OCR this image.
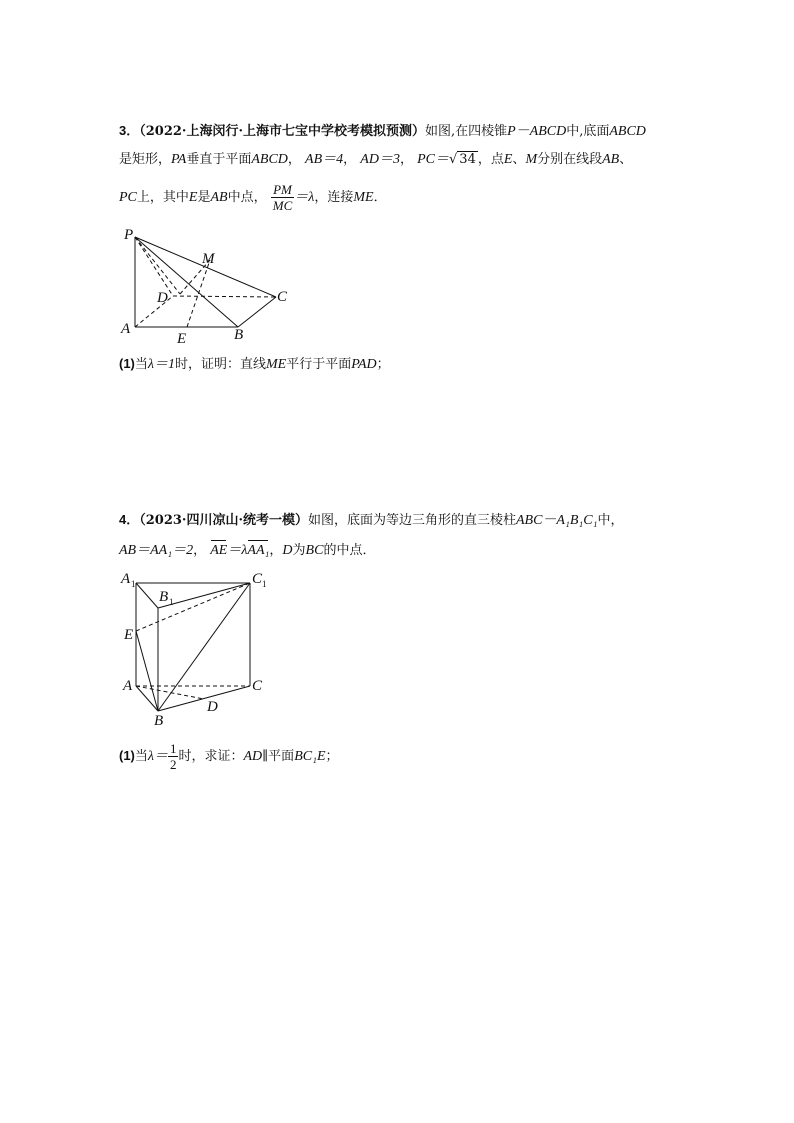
3．（2022·上海闵行·上海市七宝中学校考模拟预测）如图,在四棱锥P－ABCD中,底面ABCD
是矩形，PA垂直于平面ABCD， AB＝4， AD＝3， PC＝√ 34 ，点E、M分别在线段AB、
PC上，其中E是AB中点， $\frac{PM}{MC} =\lambda$，连接ME．
P
M
D	C
A
E	B
(1)当λ＝1时，证明：直线ME平行于平面PAD；
4．（2023·四川凉山·统考一模）如图，底面为等边三角形的直三棱柱ABC－A₁B₁C₁中，
AB＝AA₁＝2， AE＝λAA₁，D为BC的中点．
A 1	C 1
B 1
E
A	C
B
D
(1)当$\lambda= \frac{1}{2}$ 时，求证：AD∥平面BC₁E；
